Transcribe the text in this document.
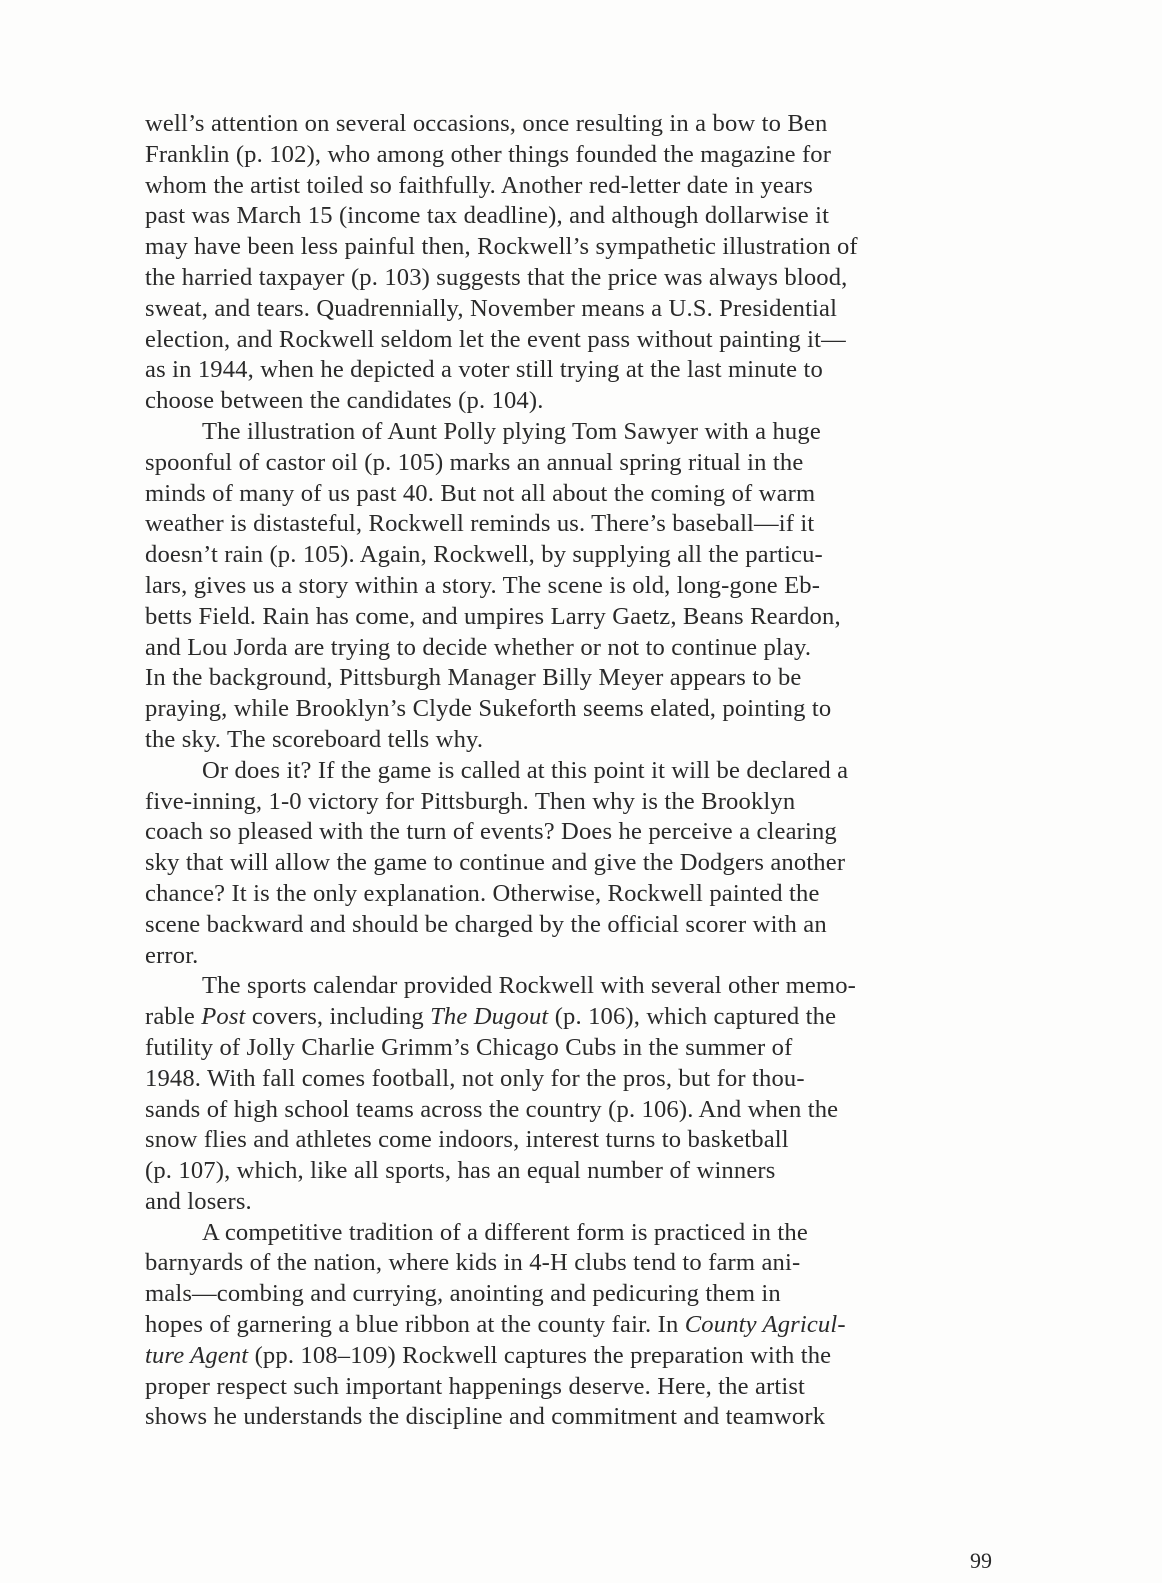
well’s attention on several occasions, once resulting in a bow to Ben
Franklin (p. 102), who among other things founded the magazine for
whom the artist toiled so faithfully. Another red-letter date in years
past was March 15 (income tax deadline), and although dollarwise it
may have been less painful then, Rockwell’s sympathetic illustration of
the harried taxpayer (p. 103) suggests that the price was always blood,
sweat, and tears. Quadrennially, November means a U.S. Presidential
election, and Rockwell seldom let the event pass without painting it—
as in 1944, when he depicted a voter still trying at the last minute to
choose between the candidates (p. 104).
The illustration of Aunt Polly plying Tom Sawyer with a huge
spoonful of castor oil (p. 105) marks an annual spring ritual in the
minds of many of us past 40. But not all about the coming of warm
weather is distasteful, Rockwell reminds us. There’s baseball—if it
doesn’t rain (p. 105). Again, Rockwell, by supplying all the particu-
lars, gives us a story within a story. The scene is old, long-gone Eb-
betts Field. Rain has come, and umpires Larry Gaetz, Beans Reardon,
and Lou Jorda are trying to decide whether or not to continue play.
In the background, Pittsburgh Manager Billy Meyer appears to be
praying, while Brooklyn’s Clyde Sukeforth seems elated, pointing to
the sky. The scoreboard tells why.
Or does it? If the game is called at this point it will be declared a
five-inning, 1-0 victory for Pittsburgh. Then why is the Brooklyn
coach so pleased with the turn of events? Does he perceive a clearing
sky that will allow the game to continue and give the Dodgers another
chance? It is the only explanation. Otherwise, Rockwell painted the
scene backward and should be charged by the official scorer with an
error.
The sports calendar provided Rockwell with several other memo-
rable Post covers, including The Dugout (p. 106), which captured the
futility of Jolly Charlie Grimm’s Chicago Cubs in the summer of
1948. With fall comes football, not only for the pros, but for thou-
sands of high school teams across the country (p. 106). And when the
snow flies and athletes come indoors, interest turns to basketball
(p. 107), which, like all sports, has an equal number of winners
and losers.
A competitive tradition of a different form is practiced in the
barnyards of the nation, where kids in 4-H clubs tend to farm ani-
mals—combing and currying, anointing and pedicuring them in
hopes of garnering a blue ribbon at the county fair. In County Agricul-
ture Agent (pp. 108–109) Rockwell captures the preparation with the
proper respect such important happenings deserve. Here, the artist
shows he understands the discipline and commitment and teamwork
99
